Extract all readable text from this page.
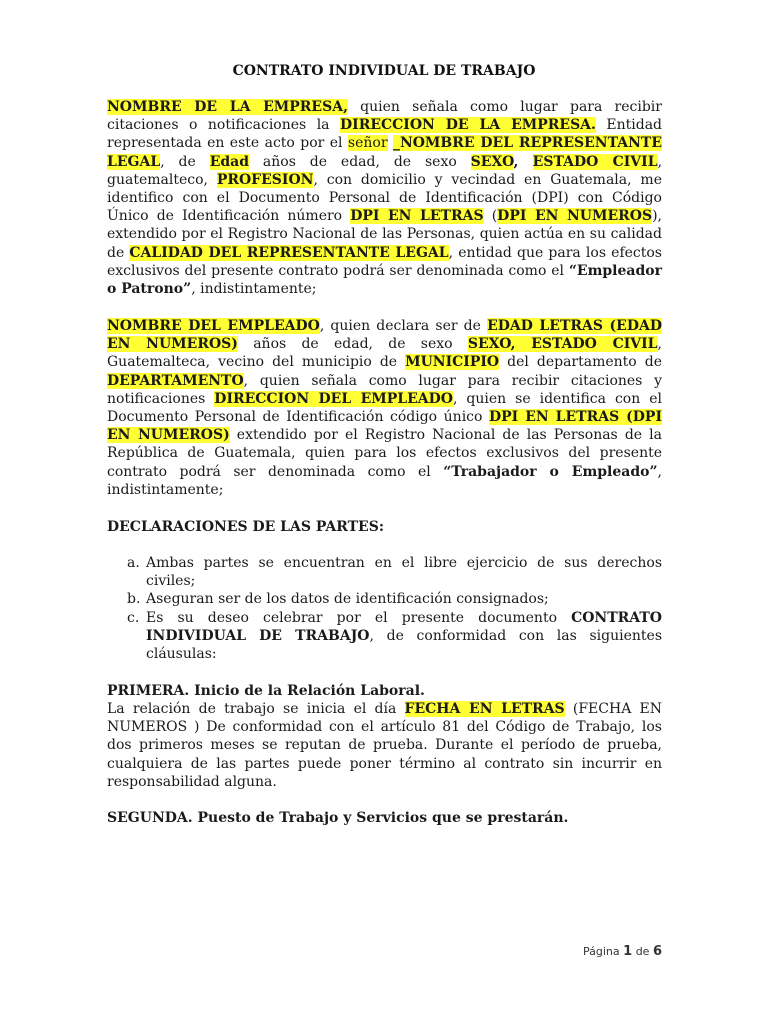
CONTRATO INDIVIDUAL DE TRABAJO

NOMBRE DE LA EMPRESA, quien señala como lugar para recibir citaciones o notificaciones la DIRECCION DE LA EMPRESA. Entidad representada en este acto por el señor _NOMBRE DEL REPRESENTANTE LEGAL, de Edad años de edad, de sexo SEXO, ESTADO CIVIL, guatemalteco, PROFESION, con domicilio y vecindad en Guatemala, me identifico con el Documento Personal de Identificación (DPI) con Código Único de Identificación número DPI EN LETRAS (DPI EN NUMEROS), extendido por el Registro Nacional de las Personas, quien actúa en su calidad de CALIDAD DEL REPRESENTANTE LEGAL, entidad que para los efectos exclusivos del presente contrato podrá ser denominada como el “Empleador o Patrono”, indistintamente;

NOMBRE DEL EMPLEADO, quien declara ser de EDAD LETRAS (EDAD EN NUMEROS) años de edad, de sexo SEXO, ESTADO CIVIL, Guatemalteca, vecino del municipio de MUNICIPIO del departamento de DEPARTAMENTO, quien señala como lugar para recibir citaciones y notificaciones DIRECCION DEL EMPLEADO, quien se identifica con el Documento Personal de Identificación código único DPI EN LETRAS (DPI EN NUMEROS) extendido por el Registro Nacional de las Personas de la República de Guatemala, quien para los efectos exclusivos del presente contrato podrá ser denominada como el “Trabajador o Empleado”, indistintamente;

DECLARACIONES DE LAS PARTES:
a. Ambas partes se encuentran en el libre ejercicio de sus derechos civiles;
b. Aseguran ser de los datos de identificación consignados;
c. Es su deseo celebrar por el presente documento CONTRATO INDIVIDUAL DE TRABAJO, de conformidad con las siguientes cláusulas:
PRIMERA. Inicio de la Relación Laboral.

La relación de trabajo se inicia el día FECHA EN LETRAS (FECHA EN NUMEROS ) De conformidad con el artículo 81 del Código de Trabajo, los dos primeros meses se reputan de prueba. Durante el período de prueba, cualquiera de las partes puede poner término al contrato sin incurrir en responsabilidad alguna.

SEGUNDA. Puesto de Trabajo y Servicios que se prestarán.
Página 1 de 6
